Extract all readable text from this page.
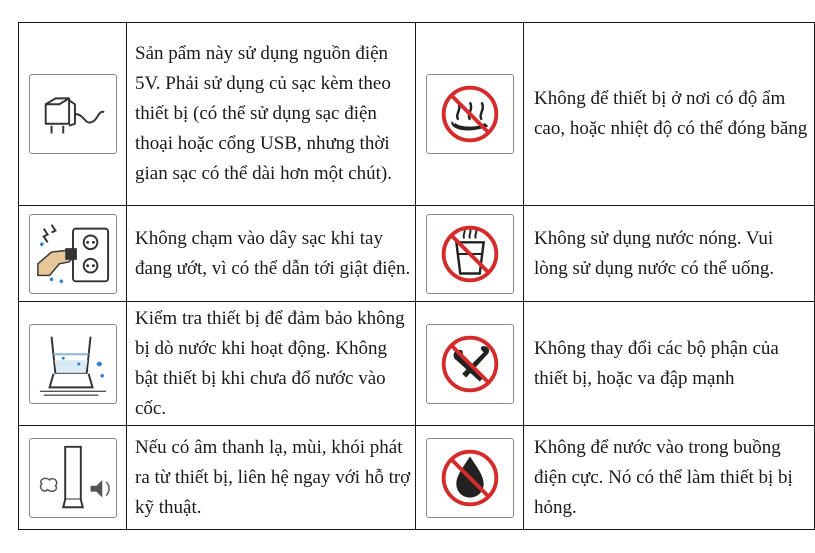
	Sản pẩm này sử dụng nguồn điện 5V. Phải sử dụng củ sạc kèm theo thiết bị (có thể sử dụng sạc điện thoại hoặc cổng USB, nhưng thời gian sạc có thể dài hơn một chút).		Không để thiết bị ở nơi có độ ẩm cao, hoặc nhiệt độ có thể đóng băng

	Không chạm vào dây sạc khi tay đang ướt, vì có thể dẫn tới giật điện.		Không sử dụng nước nóng. Vui lòng sử dụng nước có thể uống.

	Kiểm tra thiết bị để đảm bảo không bị dò nước khi hoạt động. Không bật thiết bị khi chưa đổ nước vào cốc.		Không thay đổi các bộ phận của thiết bị, hoặc va đập mạnh

	Nếu có âm thanh lạ, mùi, khói phát ra từ thiết bị, liên hệ ngay với hỗ trợ kỹ thuật.		Không để nước vào trong buồng điện cực. Nó có thể làm thiết bị bị hỏng.
